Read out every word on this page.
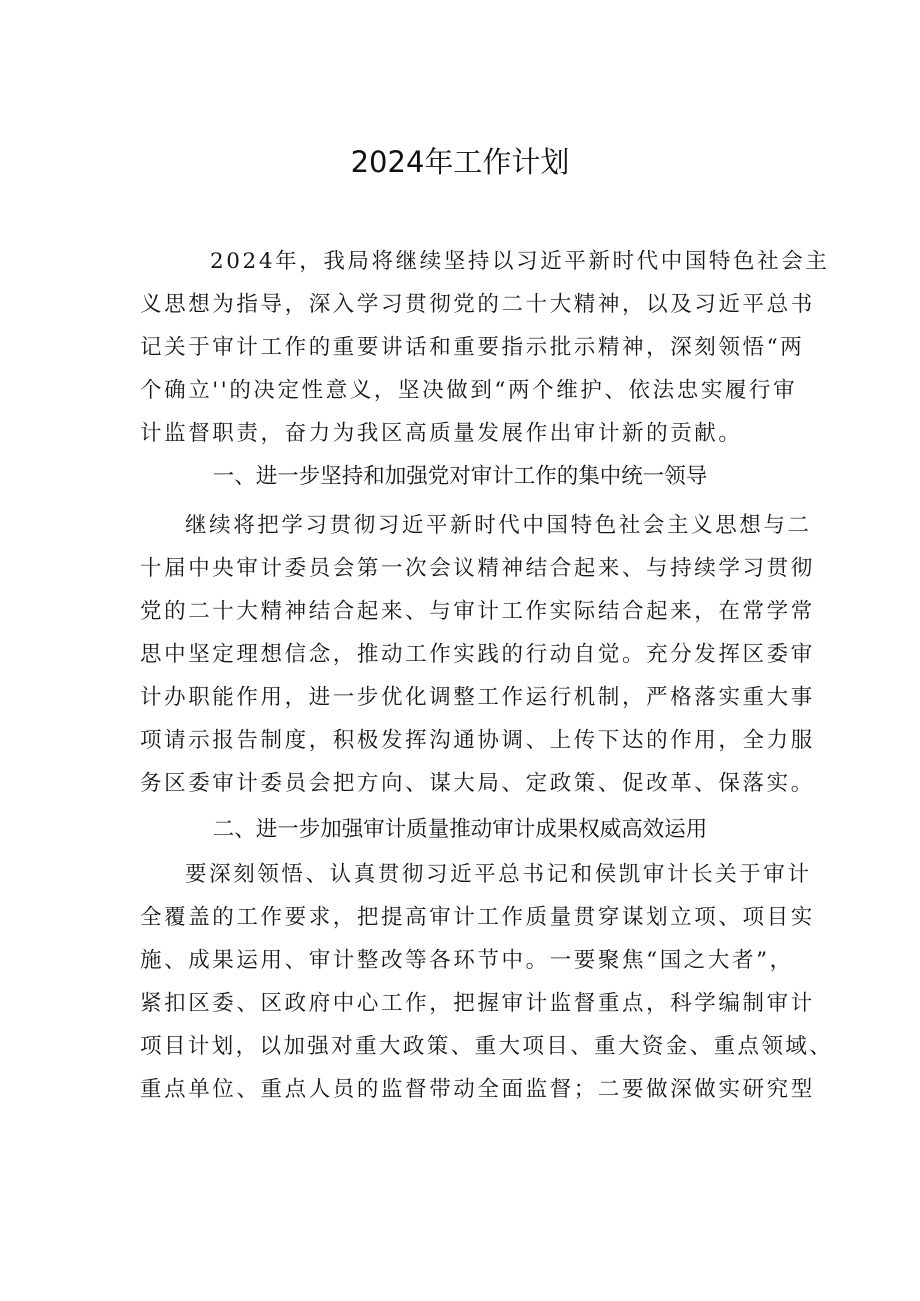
2024年工作计划

2024年，我局将继续坚持以习近平新时代中国特色社会主

义思想为指导，深入学习贯彻党的二十大精神，以及习近平总书

记关于审计工作的重要讲话和重要指示批示精神，深刻领悟“两

个确立''的决定性意义，坚决做到“两个维护、依法忠实履行审

计监督职责，奋力为我区高质量发展作出审计新的贡献。

一、进一步坚持和加强党对审计工作的集中统一领导

继续将把学习贯彻习近平新时代中国特色社会主义思想与二

十届中央审计委员会第一次会议精神结合起来、与持续学习贯彻

党的二十大精神结合起来、与审计工作实际结合起来，在常学常

思中坚定理想信念，推动工作实践的行动自觉。充分发挥区委审

计办职能作用，进一步优化调整工作运行机制，严格落实重大事

项请示报告制度，积极发挥沟通协调、上传下达的作用，全力服

务区委审计委员会把方向、谋大局、定政策、促改革、保落实。

二、进一步加强审计质量推动审计成果权威高效运用

要深刻领悟、认真贯彻习近平总书记和侯凯审计长关于审计

全覆盖的工作要求，把提高审计工作质量贯穿谋划立项、项目实

施、成果运用、审计整改等各环节中。一要聚焦“国之大者”，

紧扣区委、区政府中心工作，把握审计监督重点，科学编制审计

项目计划，以加强对重大政策、重大项目、重大资金、重点领域、

重点单位、重点人员的监督带动全面监督；二要做深做实研究型
